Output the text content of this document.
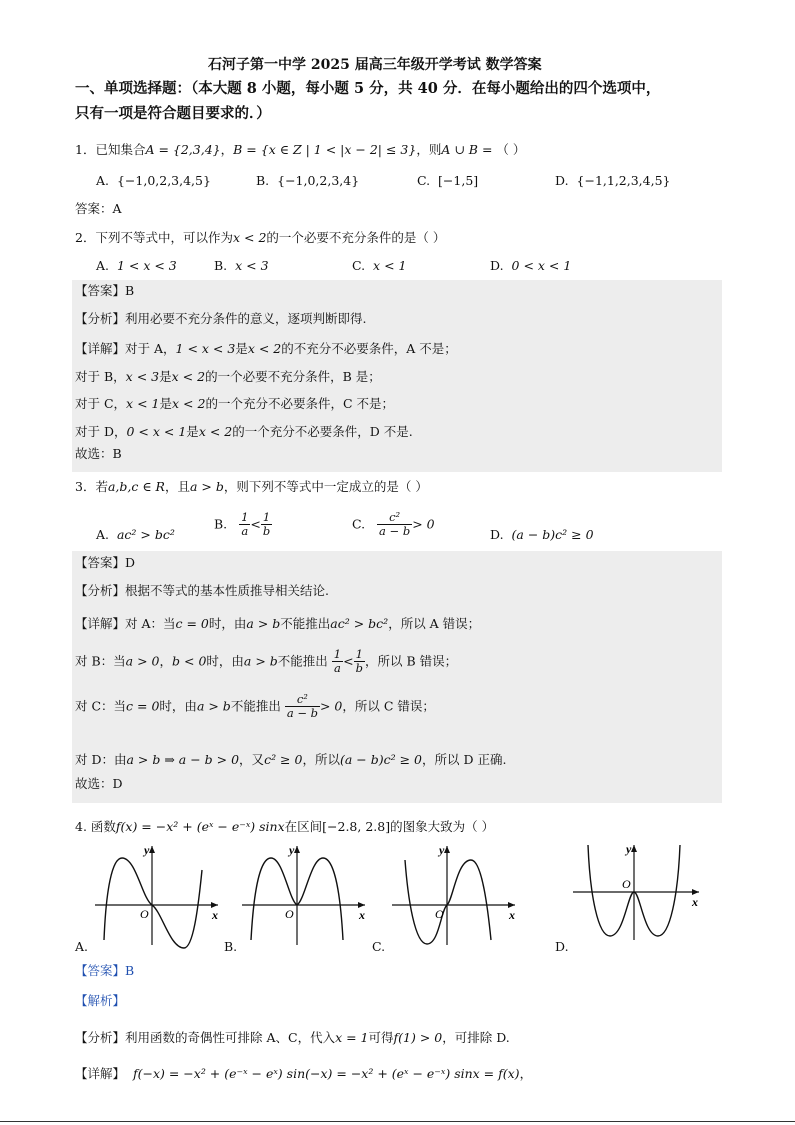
石河子第一中学 2025 届高三年级开学考试 数学答案
一、单项选择题：（本大题 8 小题，每小题 5 分，共 40 分．在每小题给出的四个选项中，
只有一项是符合题目要求的．）
1．已知集合A = {2,3,4}，B = {x ∈ Z | 1 < |x − 2| ≤ 3}，则A ∪ B = （ ）
A. {−1,0,2,3,4,5}	B. {−1,0,2,3,4}	C. [−1,5]	D. {−1,1,2,3,4,5}
答案：A
2．下列不等式中，可以作为x < 2的一个必要不充分条件的是（ ）
A. 1 < x < 3	B. x < 3	C. x < 1	D. 0 < x < 1
【答案】B
【分析】利用必要不充分条件的意义，逐项判断即得.
【详解】对于 A，1 < x < 3是x < 2的不充分不必要条件，A 不是；
对于 B，x < 3是x < 2的一个必要不充分条件，B 是；
对于 C，x < 1是x < 2的一个充分不必要条件，C 不是；
对于 D，0 < x < 1是x < 2的一个充分不必要条件，D 不是.
故选：B
3．若a,b,c ∈ R，且a > b，则下列不等式中一定成立的是（ ）
A. ac² > bc²
B. $\frac{1}{a} < \frac{1}{b}$	C. $\frac{\text{c²}}{a - b} > 0$
D. (a − b)c² ≥ 0
【答案】D
【分析】根据不等式的基本性质推导相关结论.
【详解】对 A：当c = 0时，由a > b不能推出ac² > bc²，所以 A 错误；
对 B：当a > 0，b < 0时，由a > b不能推出 $\frac{1}{a} < \frac{1}{b}$ ，所以 B 错误；
对 C：当c = 0时，由a > b不能推出 $\frac{\text{c²}}{a - b} > 0$，所以 C 错误；
对 D：由a > b ⇒ a − b > 0，又c² ≥ 0，所以(a − b)c² ≥ 0，所以 D 正确.
故选：D
4. 函数f(x) = −x² + (eˣ − e⁻ˣ) sinx在区间[−2.8, 2.8]的图象大致为（ ）
y
x
O
A.
y
x
O
B.
y
x
O
C.
y
x
O
D.
【答案】B
【解析】
【分析】利用函数的奇偶性可排除 A、C，代入x = 1可得f(1) > 0，可排除 D.
【详解】 f(−x) = −x² + (e⁻ˣ − eˣ) sin(−x) = −x² + (eˣ − e⁻ˣ) sinx = f(x)，
